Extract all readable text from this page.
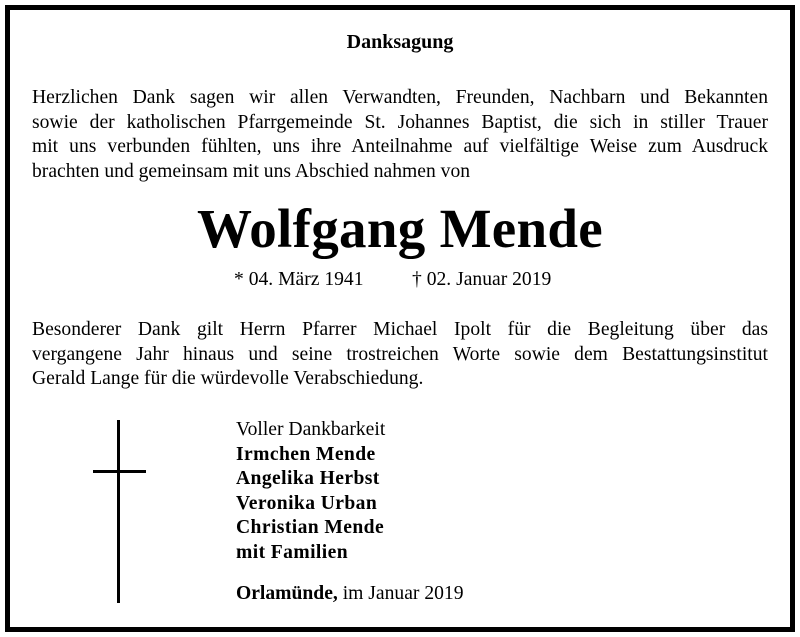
Danksagung
Herzlichen Dank sagen wir allen Verwandten, Freunden, Nachbarn und Bekannten
sowie der katholischen Pfarrgemeinde St. Johannes Baptist, die sich in stiller Trauer
mit uns verbunden fühlten, uns ihre Anteilnahme auf vielfältige Weise zum Ausdruck
brachten und gemeinsam mit uns Abschied nahmen von
Wolfgang Mende
* 04. März 1941 † 02. Januar 2019
Besonderer Dank gilt Herrn Pfarrer Michael Ipolt für die Begleitung über das
vergangene Jahr hinaus und seine trostreichen Worte sowie dem Bestattungsinstitut
Gerald Lange für die würdevolle Verabschiedung.
Voller Dankbarkeit
Irmchen Mende
Angelika Herbst
Veronika Urban
Christian Mende
mit Familien
Orlamünde, im Januar 2019
